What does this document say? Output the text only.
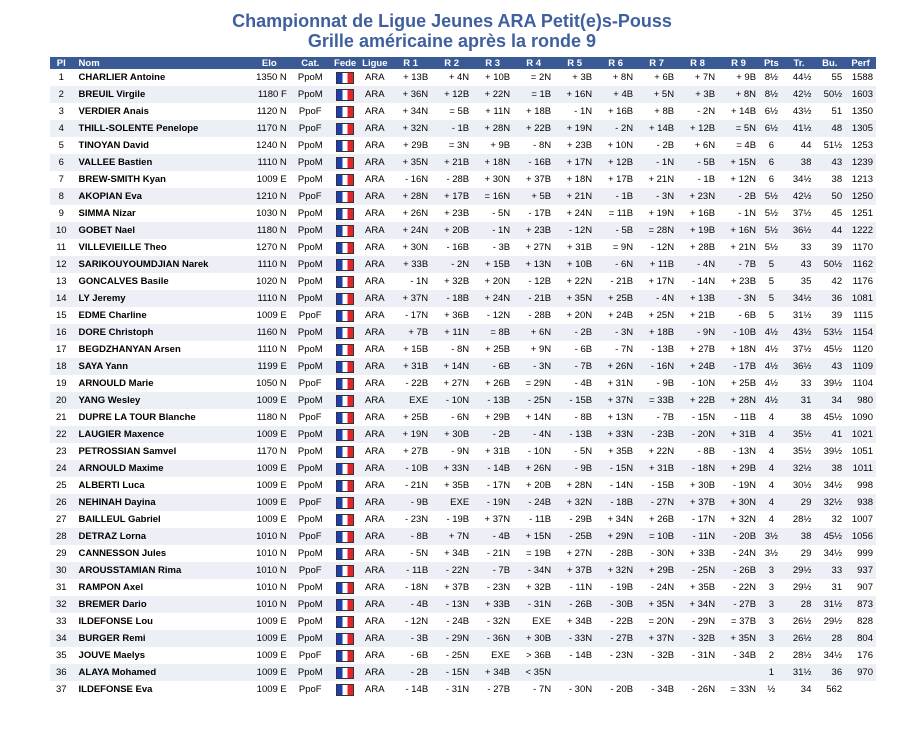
Championnat de Ligue Jeunes ARA Petit(e)s-Pouss
Grille américaine après la ronde 9
Pl	Nom	Elo	Cat.	Fede	Ligue	R 1	R 2	R 3	R 4	R 5	R 6	R 7	R 8	R 9	Pts	Tr.	Bu.	Perf
1	CHARLIER Antoine	1350 N	PpoM		ARA	+ 13B	+ 4N	+ 10B	= 2N	+ 3B	+ 8N	+ 6B	+ 7N	+ 9B	8½	44½	55	1588
2	BREUIL Virgile	1180 F	PpoM		ARA	+ 36N	+ 12B	+ 22N	= 1B	+ 16N	+ 4B	+ 5N	+ 3B	+ 8N	8½	42½	50½	1603
3	VERDIER Anais	1120 N	PpoF		ARA	+ 34N	= 5B	+ 11N	+ 18B	- 1N	+ 16B	+ 8B	- 2N	+ 14B	6½	43½	51	1350
4	THILL-SOLENTE Penelope	1170 N	PpoF		ARA	+ 32N	- 1B	+ 28N	+ 22B	+ 19N	- 2N	+ 14B	+ 12B	= 5N	6½	41½	48	1305
5	TINOYAN David	1240 N	PpoM		ARA	+ 29B	= 3N	+ 9B	- 8N	+ 23B	+ 10N	- 2B	+ 6N	= 4B	6	44	51½	1253
6	VALLEE Bastien	1110 N	PpoM		ARA	+ 35N	+ 21B	+ 18N	- 16B	+ 17N	+ 12B	- 1N	- 5B	+ 15N	6	38	43	1239
7	BREW-SMITH Kyan	1009 E	PpoM		ARA	- 16N	- 28B	+ 30N	+ 37B	+ 18N	+ 17B	+ 21N	- 1B	+ 12N	6	34½	38	1213
8	AKOPIAN Eva	1210 N	PpoF		ARA	+ 28N	+ 17B	= 16N	+ 5B	+ 21N	- 1B	- 3N	+ 23N	- 2B	5½	42½	50	1250
9	SIMMA Nizar	1030 N	PpoM		ARA	+ 26N	+ 23B	- 5N	- 17B	+ 24N	= 11B	+ 19N	+ 16B	- 1N	5½	37½	45	1251
10	GOBET Nael	1180 N	PpoM		ARA	+ 24N	+ 20B	- 1N	+ 23B	- 12N	- 5B	= 28N	+ 19B	+ 16N	5½	36½	44	1222
11	VILLEVIEILLE Theo	1270 N	PpoM		ARA	+ 30N	- 16B	- 3B	+ 27N	+ 31B	= 9N	- 12N	+ 28B	+ 21N	5½	33	39	1170
12	SARIKOUYOUMDJIAN Narek	1110 N	PpoM		ARA	+ 33B	- 2N	+ 15B	+ 13N	+ 10B	- 6N	+ 11B	- 4N	- 7B	5	43	50½	1162
13	GONCALVES Basile	1020 N	PpoM		ARA	- 1N	+ 32B	+ 20N	- 12B	+ 22N	- 21B	+ 17N	- 14N	+ 23B	5	35	42	1176
14	LY Jeremy	1110 N	PpoM		ARA	+ 37N	- 18B	+ 24N	- 21B	+ 35N	+ 25B	- 4N	+ 13B	- 3N	5	34½	36	1081
15	EDME Charline	1009 E	PpoF		ARA	- 17N	+ 36B	- 12N	- 28B	+ 20N	+ 24B	+ 25N	+ 21B	- 6B	5	31½	39	1115
16	DORE Christoph	1160 N	PpoM		ARA	+ 7B	+ 11N	= 8B	+ 6N	- 2B	- 3N	+ 18B	- 9N	- 10B	4½	43½	53½	1154
17	BEGDZHANYAN Arsen	1110 N	PpoM		ARA	+ 15B	- 8N	+ 25B	+ 9N	- 6B	- 7N	- 13B	+ 27B	+ 18N	4½	37½	45½	1120
18	SAYA Yann	1199 E	PpoM		ARA	+ 31B	+ 14N	- 6B	- 3N	- 7B	+ 26N	- 16N	+ 24B	- 17B	4½	36½	43	1109
19	ARNOULD Marie	1050 N	PpoF		ARA	- 22B	+ 27N	+ 26B	= 29N	- 4B	+ 31N	- 9B	- 10N	+ 25B	4½	33	39½	1104
20	YANG Wesley	1009 E	PpoM		ARA	EXE	- 10N	- 13B	- 25N	- 15B	+ 37N	= 33B	+ 22B	+ 28N	4½	31	34	980
21	DUPRE LA TOUR Blanche	1180 N	PpoF		ARA	+ 25B	- 6N	+ 29B	+ 14N	- 8B	+ 13N	- 7B	- 15N	- 11B	4	38	45½	1090
22	LAUGIER Maxence	1009 E	PpoM		ARA	+ 19N	+ 30B	- 2B	- 4N	- 13B	+ 33N	- 23B	- 20N	+ 31B	4	35½	41	1021
23	PETROSSIAN Samvel	1170 N	PpoM		ARA	+ 27B	- 9N	+ 31B	- 10N	- 5N	+ 35B	+ 22N	- 8B	- 13N	4	35½	39½	1051
24	ARNOULD Maxime	1009 E	PpoM		ARA	- 10B	+ 33N	- 14B	+ 26N	- 9B	- 15N	+ 31B	- 18N	+ 29B	4	32½	38	1011
25	ALBERTI Luca	1009 E	PpoM		ARA	- 21N	+ 35B	- 17N	+ 20B	+ 28N	- 14N	- 15B	+ 30B	- 19N	4	30½	34½	998
26	NEHINAH Dayina	1009 E	PpoF		ARA	- 9B	EXE	- 19N	- 24B	+ 32N	- 18B	- 27N	+ 37B	+ 30N	4	29	32½	938
27	BAILLEUL Gabriel	1009 E	PpoM		ARA	- 23N	- 19B	+ 37N	- 11B	- 29B	+ 34N	+ 26B	- 17N	+ 32N	4	28½	32	1007
28	DETRAZ Lorna	1010 N	PpoF		ARA	- 8B	+ 7N	- 4B	+ 15N	- 25B	+ 29N	= 10B	- 11N	- 20B	3½	38	45½	1056
29	CANNESSON Jules	1010 N	PpoM		ARA	- 5N	+ 34B	- 21N	= 19B	+ 27N	- 28B	- 30N	+ 33B	- 24N	3½	29	34½	999
30	AROUSSTAMIAN Rima	1010 N	PpoF		ARA	- 11B	- 22N	- 7B	- 34N	+ 37B	+ 32N	+ 29B	- 25N	- 26B	3	29½	33	937
31	RAMPON Axel	1010 N	PpoM		ARA	- 18N	+ 37B	- 23N	+ 32B	- 11N	- 19B	- 24N	+ 35B	- 22N	3	29½	31	907
32	BREMER Dario	1010 N	PpoM		ARA	- 4B	- 13N	+ 33B	- 31N	- 26B	- 30B	+ 35N	+ 34N	- 27B	3	28	31½	873
33	ILDEFONSE Lou	1009 E	PpoM		ARA	- 12N	- 24B	- 32N	EXE	+ 34B	- 22B	= 20N	- 29N	= 37B	3	26½	29½	828
34	BURGER Remi	1009 E	PpoM		ARA	- 3B	- 29N	- 36N	+ 30B	- 33N	- 27B	+ 37N	- 32B	+ 35N	3	26½	28	804
35	JOUVE Maelys	1009 E	PpoF		ARA	- 6B	- 25N	EXE	> 36B	- 14B	- 23N	- 32B	- 31N	- 34B	2	28½	34½	176
36	ALAYA Mohamed	1009 E	PpoM		ARA	- 2B	- 15N	+ 34B	< 35N						1	31½	36	970
37	ILDEFONSE Eva	1009 E	PpoF		ARA	- 14B	- 31N	- 27B	- 7N	- 30N	- 20B	- 34B	- 26N	= 33N	½	34	562	
